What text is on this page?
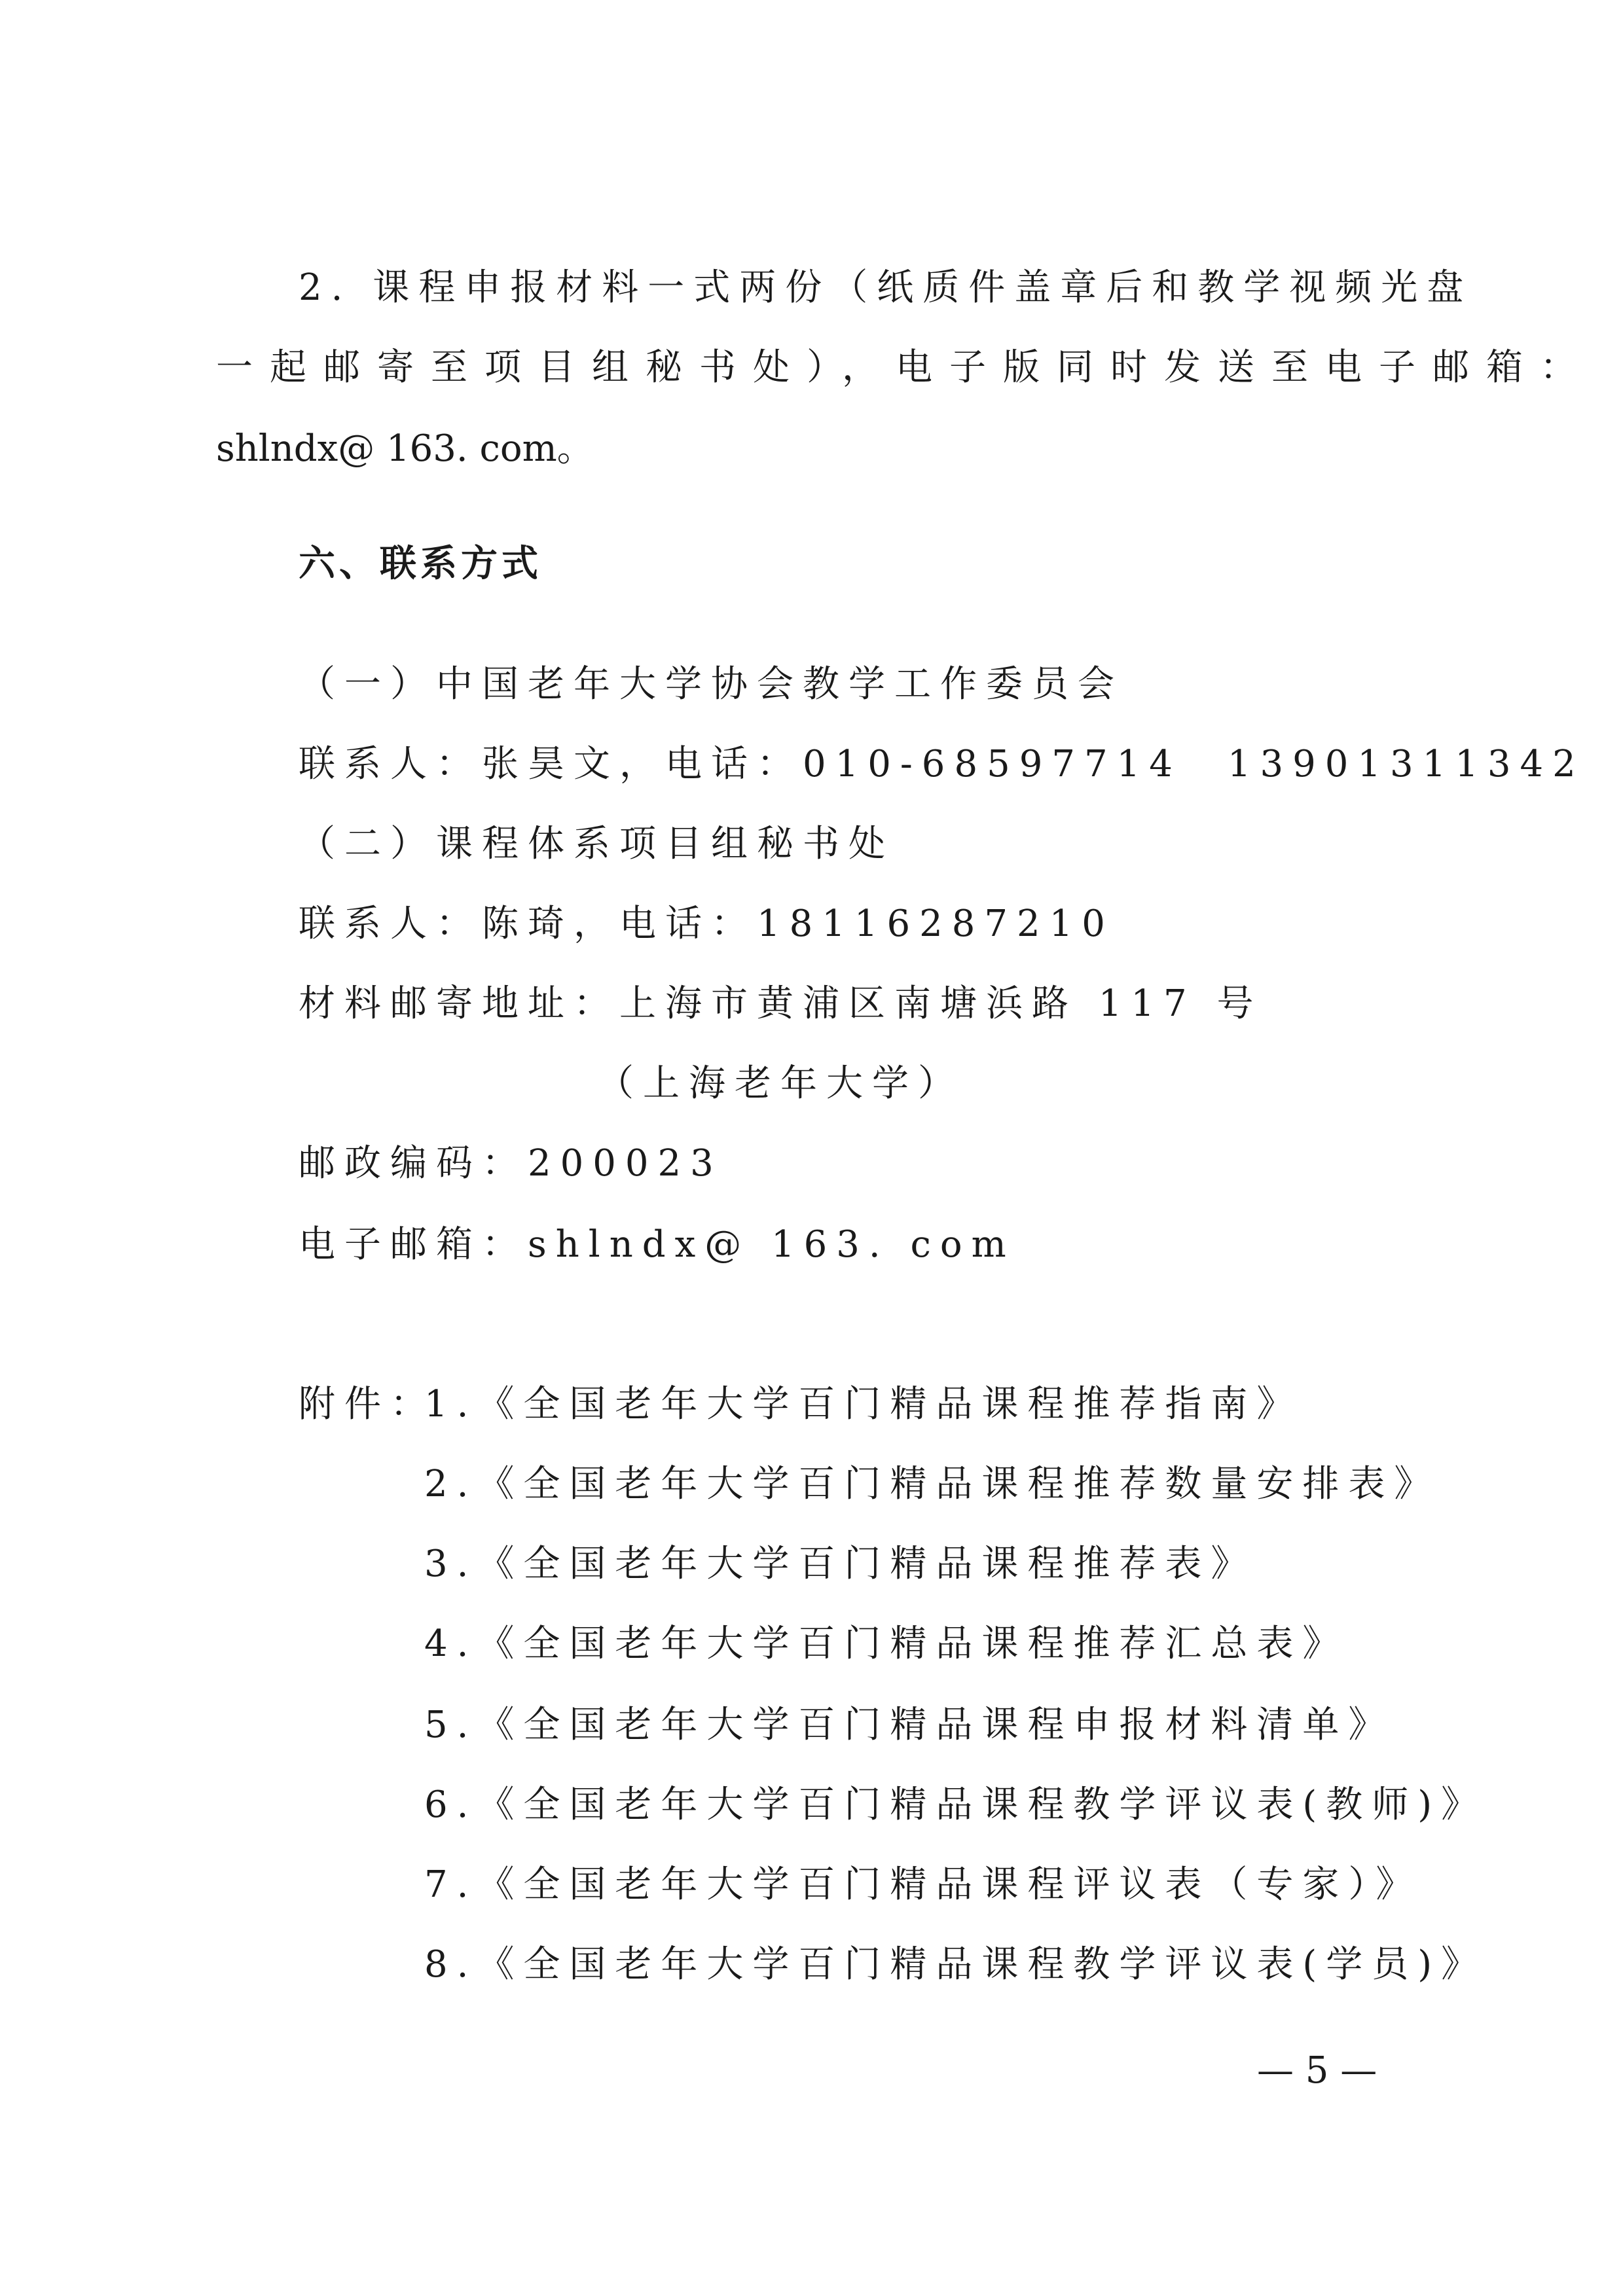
2. 课程申报材料一式两份（纸质件盖章后和教学视频光盘
一起邮寄至项目组秘书处），电子版同时发送至电子邮箱：
shlndx@ 163. com。
六、联系方式
（一）中国老年大学协会教学工作委员会
联系人：张昊文，电话：010-68597714　13901311342
（二）课程体系项目组秘书处
联系人：陈琦，电话：18116287210
材料邮寄地址：上海市黄浦区南塘浜路 117 号
（上海老年大学）
邮政编码：200023
电子邮箱：shlndx@ 163. com
附件：
1.《全国老年大学百门精品课程推荐指南》
2.《全国老年大学百门精品课程推荐数量安排表》
3.《全国老年大学百门精品课程推荐表》
4.《全国老年大学百门精品课程推荐汇总表》
5.《全国老年大学百门精品课程申报材料清单》
6.《全国老年大学百门精品课程教学评议表(教师)》
7.《全国老年大学百门精品课程评议表（专家）》
8.《全国老年大学百门精品课程教学评议表(学员)》
— 5 —
